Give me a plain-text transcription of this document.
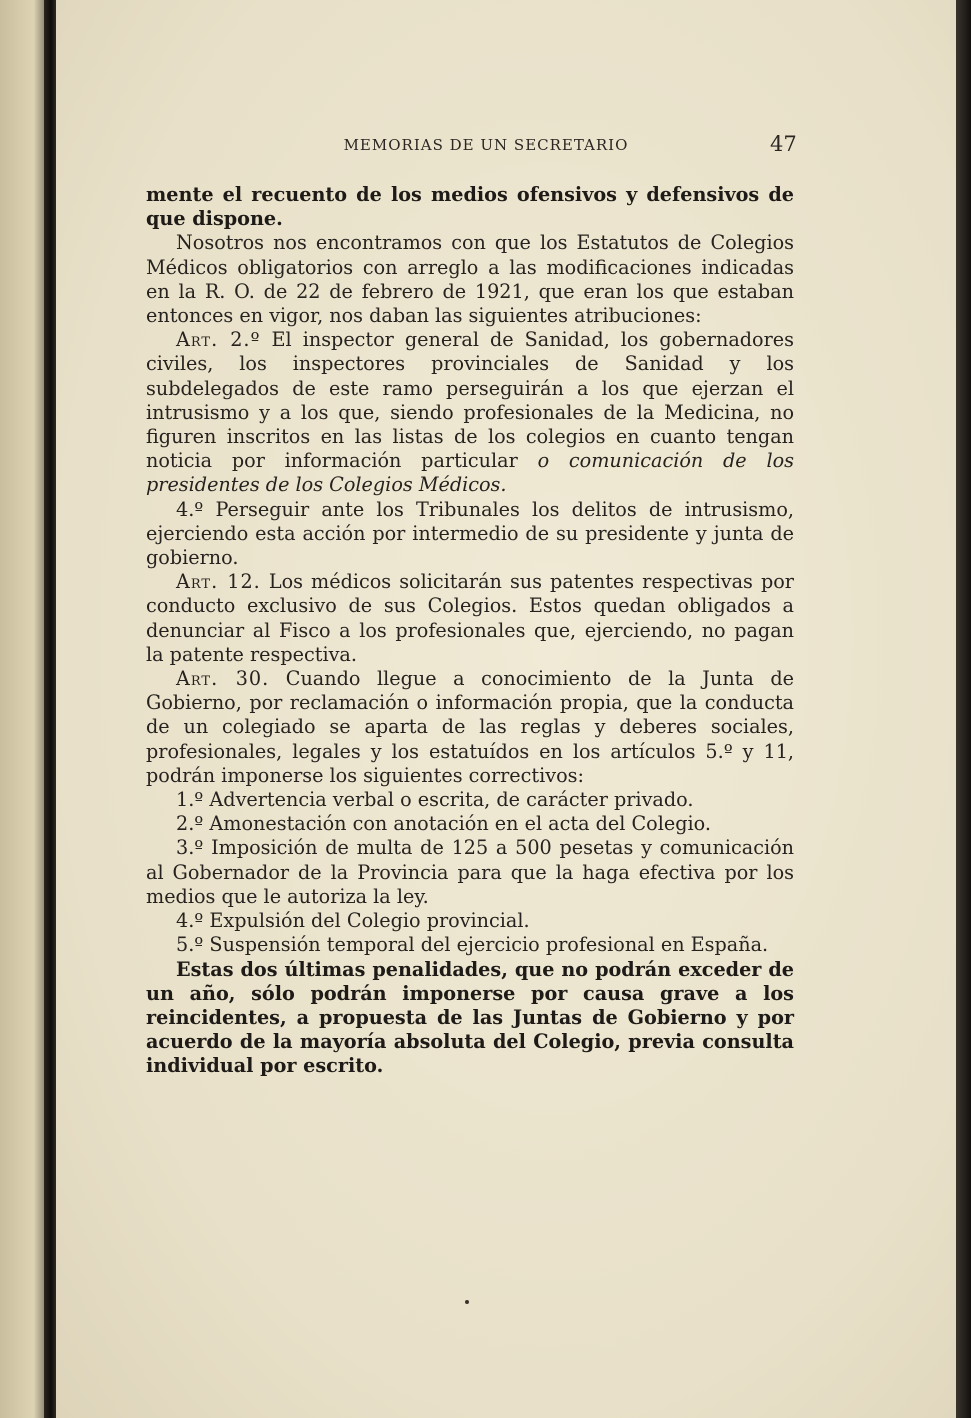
MEMORIAS DE UN SECRETARIO	47

mente el recuento de los medios ofensivos y defensivos de que dispone.

Nosotros nos encontramos con que los Estatutos de Colegios Médicos obligatorios con arreglo a las modificaciones indicadas en la R. O. de 22 de febrero de 1921, que eran los que estaban entonces en vigor, nos daban las siguientes atribuciones:

Art. 2.º El inspector general de Sanidad, los gobernadores civiles, los inspectores provinciales de Sanidad y los subdelegados de este ramo perseguirán a los que ejerzan el intrusismo y a los que, siendo profesionales de la Medicina, no figuren inscritos en las listas de los colegios en cuanto tengan noticia por información particular o comunicación de los presidentes de los Colegios Médicos.

4.º Perseguir ante los Tribunales los delitos de intrusismo, ejerciendo esta acción por intermedio de su presidente y junta de gobierno.

Art. 12. Los médicos solicitarán sus patentes respectivas por conducto exclusivo de sus Colegios. Estos quedan obligados a denunciar al Fisco a los profesionales que, ejerciendo, no pagan la patente respectiva.

Art. 30. Cuando llegue a conocimiento de la Junta de Gobierno, por reclamación o información propia, que la conducta de un colegiado se aparta de las reglas y deberes sociales, profesionales, legales y los estatuídos en los artículos 5.º y 11, podrán imponerse los siguientes correctivos:

1.º Advertencia verbal o escrita, de carácter privado.

2.º Amonestación con anotación en el acta del Colegio.

3.º Imposición de multa de 125 a 500 pesetas y comunicación al Gobernador de la Provincia para que la haga efectiva por los medios que le autoriza la ley.

4.º Expulsión del Colegio provincial.

5.º Suspensión temporal del ejercicio profesional en España.

Estas dos últimas penalidades, que no podrán exceder de un año, sólo podrán imponerse por causa grave a los reincidentes, a propuesta de las Juntas de Gobierno y por acuerdo de la mayoría absoluta del Colegio, previa consulta individual por escrito.
